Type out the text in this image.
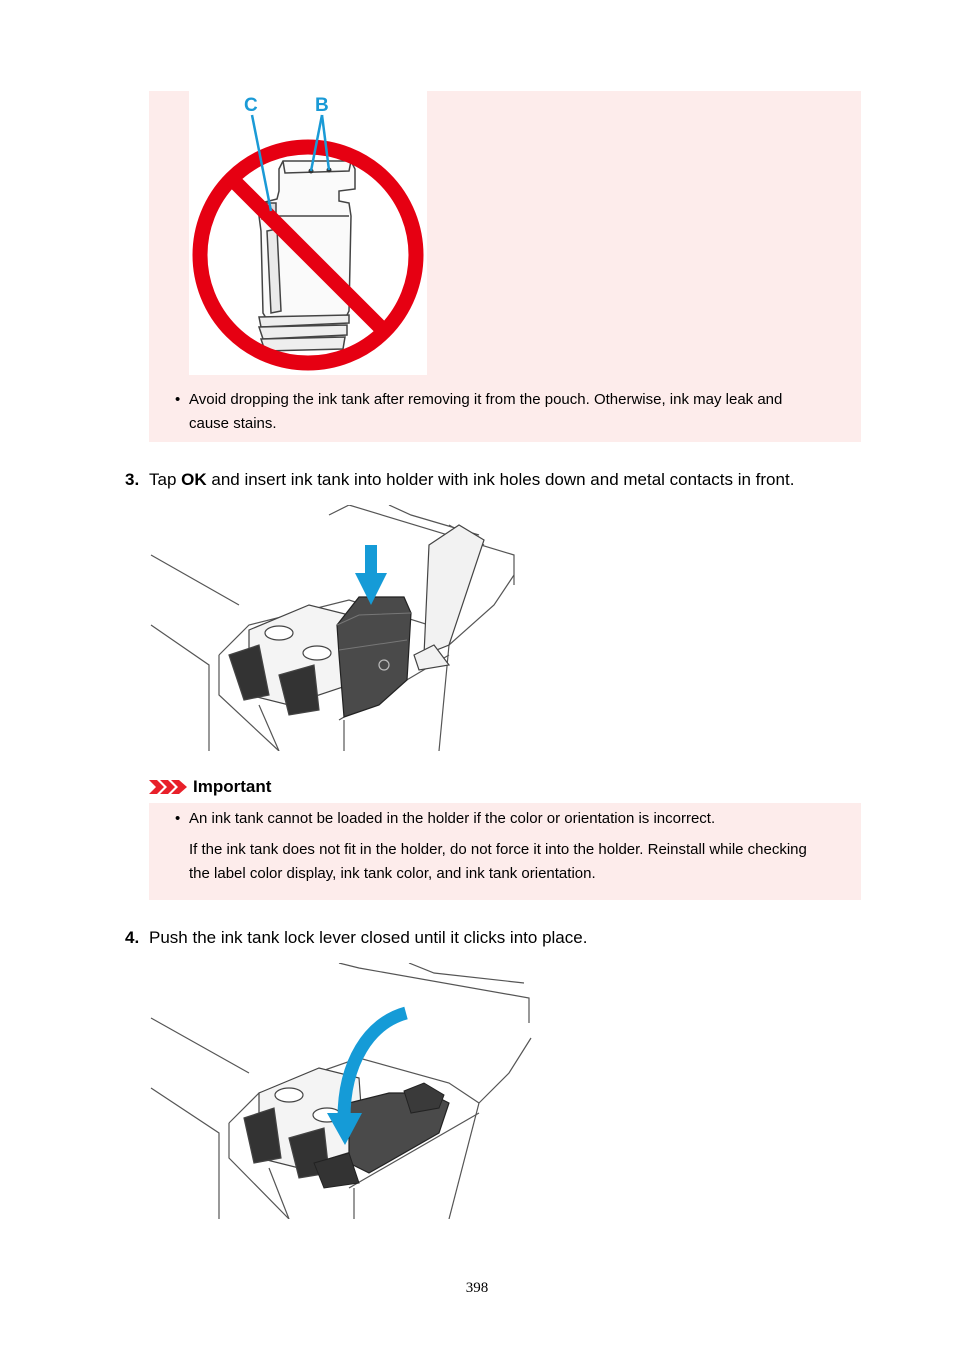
C	B
• Avoid dropping the ink tank after removing it from the pouch. Otherwise, ink may leak and
cause stains.
3. Tap OK and insert ink tank into holder with ink holes down and metal contacts in front.
Important
• An ink tank cannot be loaded in the holder if the color or orientation is incorrect.
If the ink tank does not fit in the holder, do not force it into the holder. Reinstall while checking
the label color display, ink tank color, and ink tank orientation.
4. Push the ink tank lock lever closed until it clicks into place.
398
